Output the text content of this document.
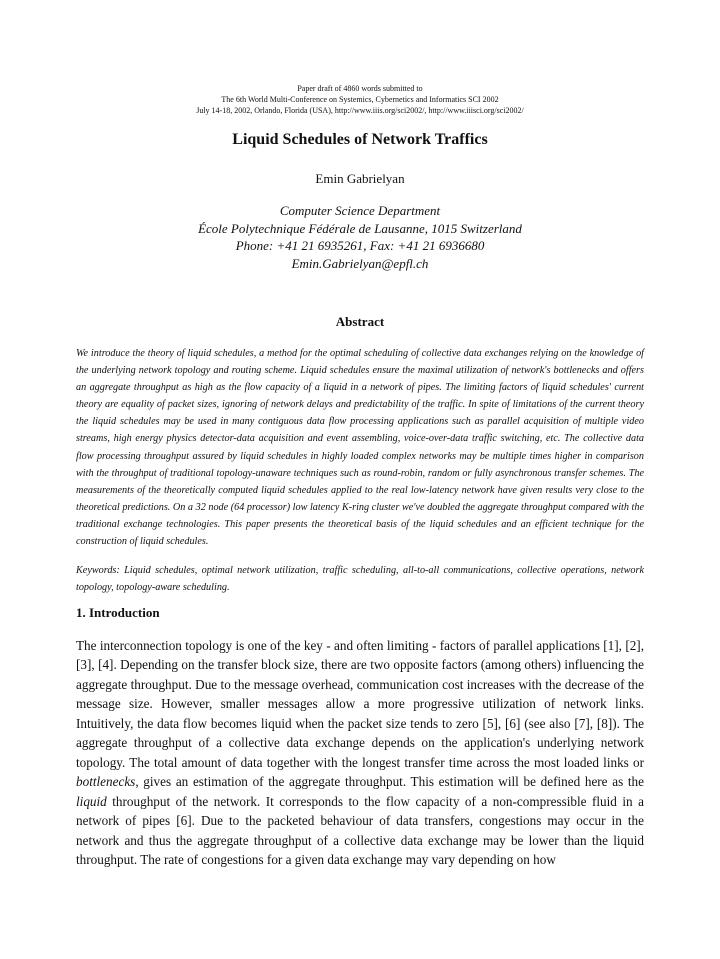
Paper draft of 4860 words submitted to
The 6th World Multi-Conference on Systemics, Cybernetics and Informatics SCI 2002
July 14-18, 2002, Orlando, Florida (USA), http://www.iiis.org/sci2002/, http://www.iiisci.org/sci2002/
Liquid Schedules of Network Traffics
Emin Gabrielyan
Computer Science Department
École Polytechnique Fédérale de Lausanne, 1015 Switzerland
Phone: +41 21 6935261, Fax: +41 21 6936680
Emin.Gabrielyan@epfl.ch
Abstract

We introduce the theory of liquid schedules, a method for the optimal scheduling of collective data exchanges relying on the knowledge of the underlying network topology and routing scheme. Liquid schedules ensure the maximal utilization of network's bottlenecks and offers an aggregate throughput as high as the flow capacity of a liquid in a network of pipes. The limiting factors of liquid schedules' current theory are equality of packet sizes, ignoring of network delays and predictability of the traffic. In spite of limitations of the current theory the liquid schedules may be used in many contiguous data flow processing applications such as parallel acquisition of multiple video streams, high energy physics detector-data acquisition and event assembling, voice-over-data traffic switching, etc. The collective data flow processing throughput assured by liquid schedules in highly loaded complex networks may be multiple times higher in comparison with the throughput of traditional topology-unaware techniques such as round-robin, random or fully asynchronous transfer schemes. The measurements of the theoretically computed liquid schedules applied to the real low-latency network have given results very close to the theoretical predictions. On a 32 node (64 processor) low latency K-ring cluster we've doubled the aggregate throughput compared with the traditional exchange technologies. This paper presents the theoretical basis of the liquid schedules and an efficient technique for the construction of liquid schedules.

Keywords: Liquid schedules, optimal network utilization, traffic scheduling, all-to-all communications, collective operations, network topology, topology-aware scheduling.

1. Introduction

The interconnection topology is one of the key - and often limiting - factors of parallel applications [1], [2], [3], [4]. Depending on the transfer block size, there are two opposite factors (among others) influencing the aggregate throughput. Due to the message overhead, communication cost increases with the decrease of the message size. However, smaller messages allow a more progressive utilization of network links. Intuitively, the data flow becomes liquid when the packet size tends to zero [5], [6] (see also [7], [8]). The aggregate throughput of a collective data exchange depends on the application's underlying network topology. The total amount of data together with the longest transfer time across the most loaded links or bottlenecks, gives an estimation of the aggregate throughput. This estimation will be defined here as the liquid throughput of the network. It corresponds to the flow capacity of a non-compressible fluid in a network of pipes [6]. Due to the packeted behaviour of data transfers, congestions may occur in the network and thus the aggregate throughput of a collective data exchange may be lower than the liquid throughput. The rate of congestions for a given data exchange may vary depending on how
